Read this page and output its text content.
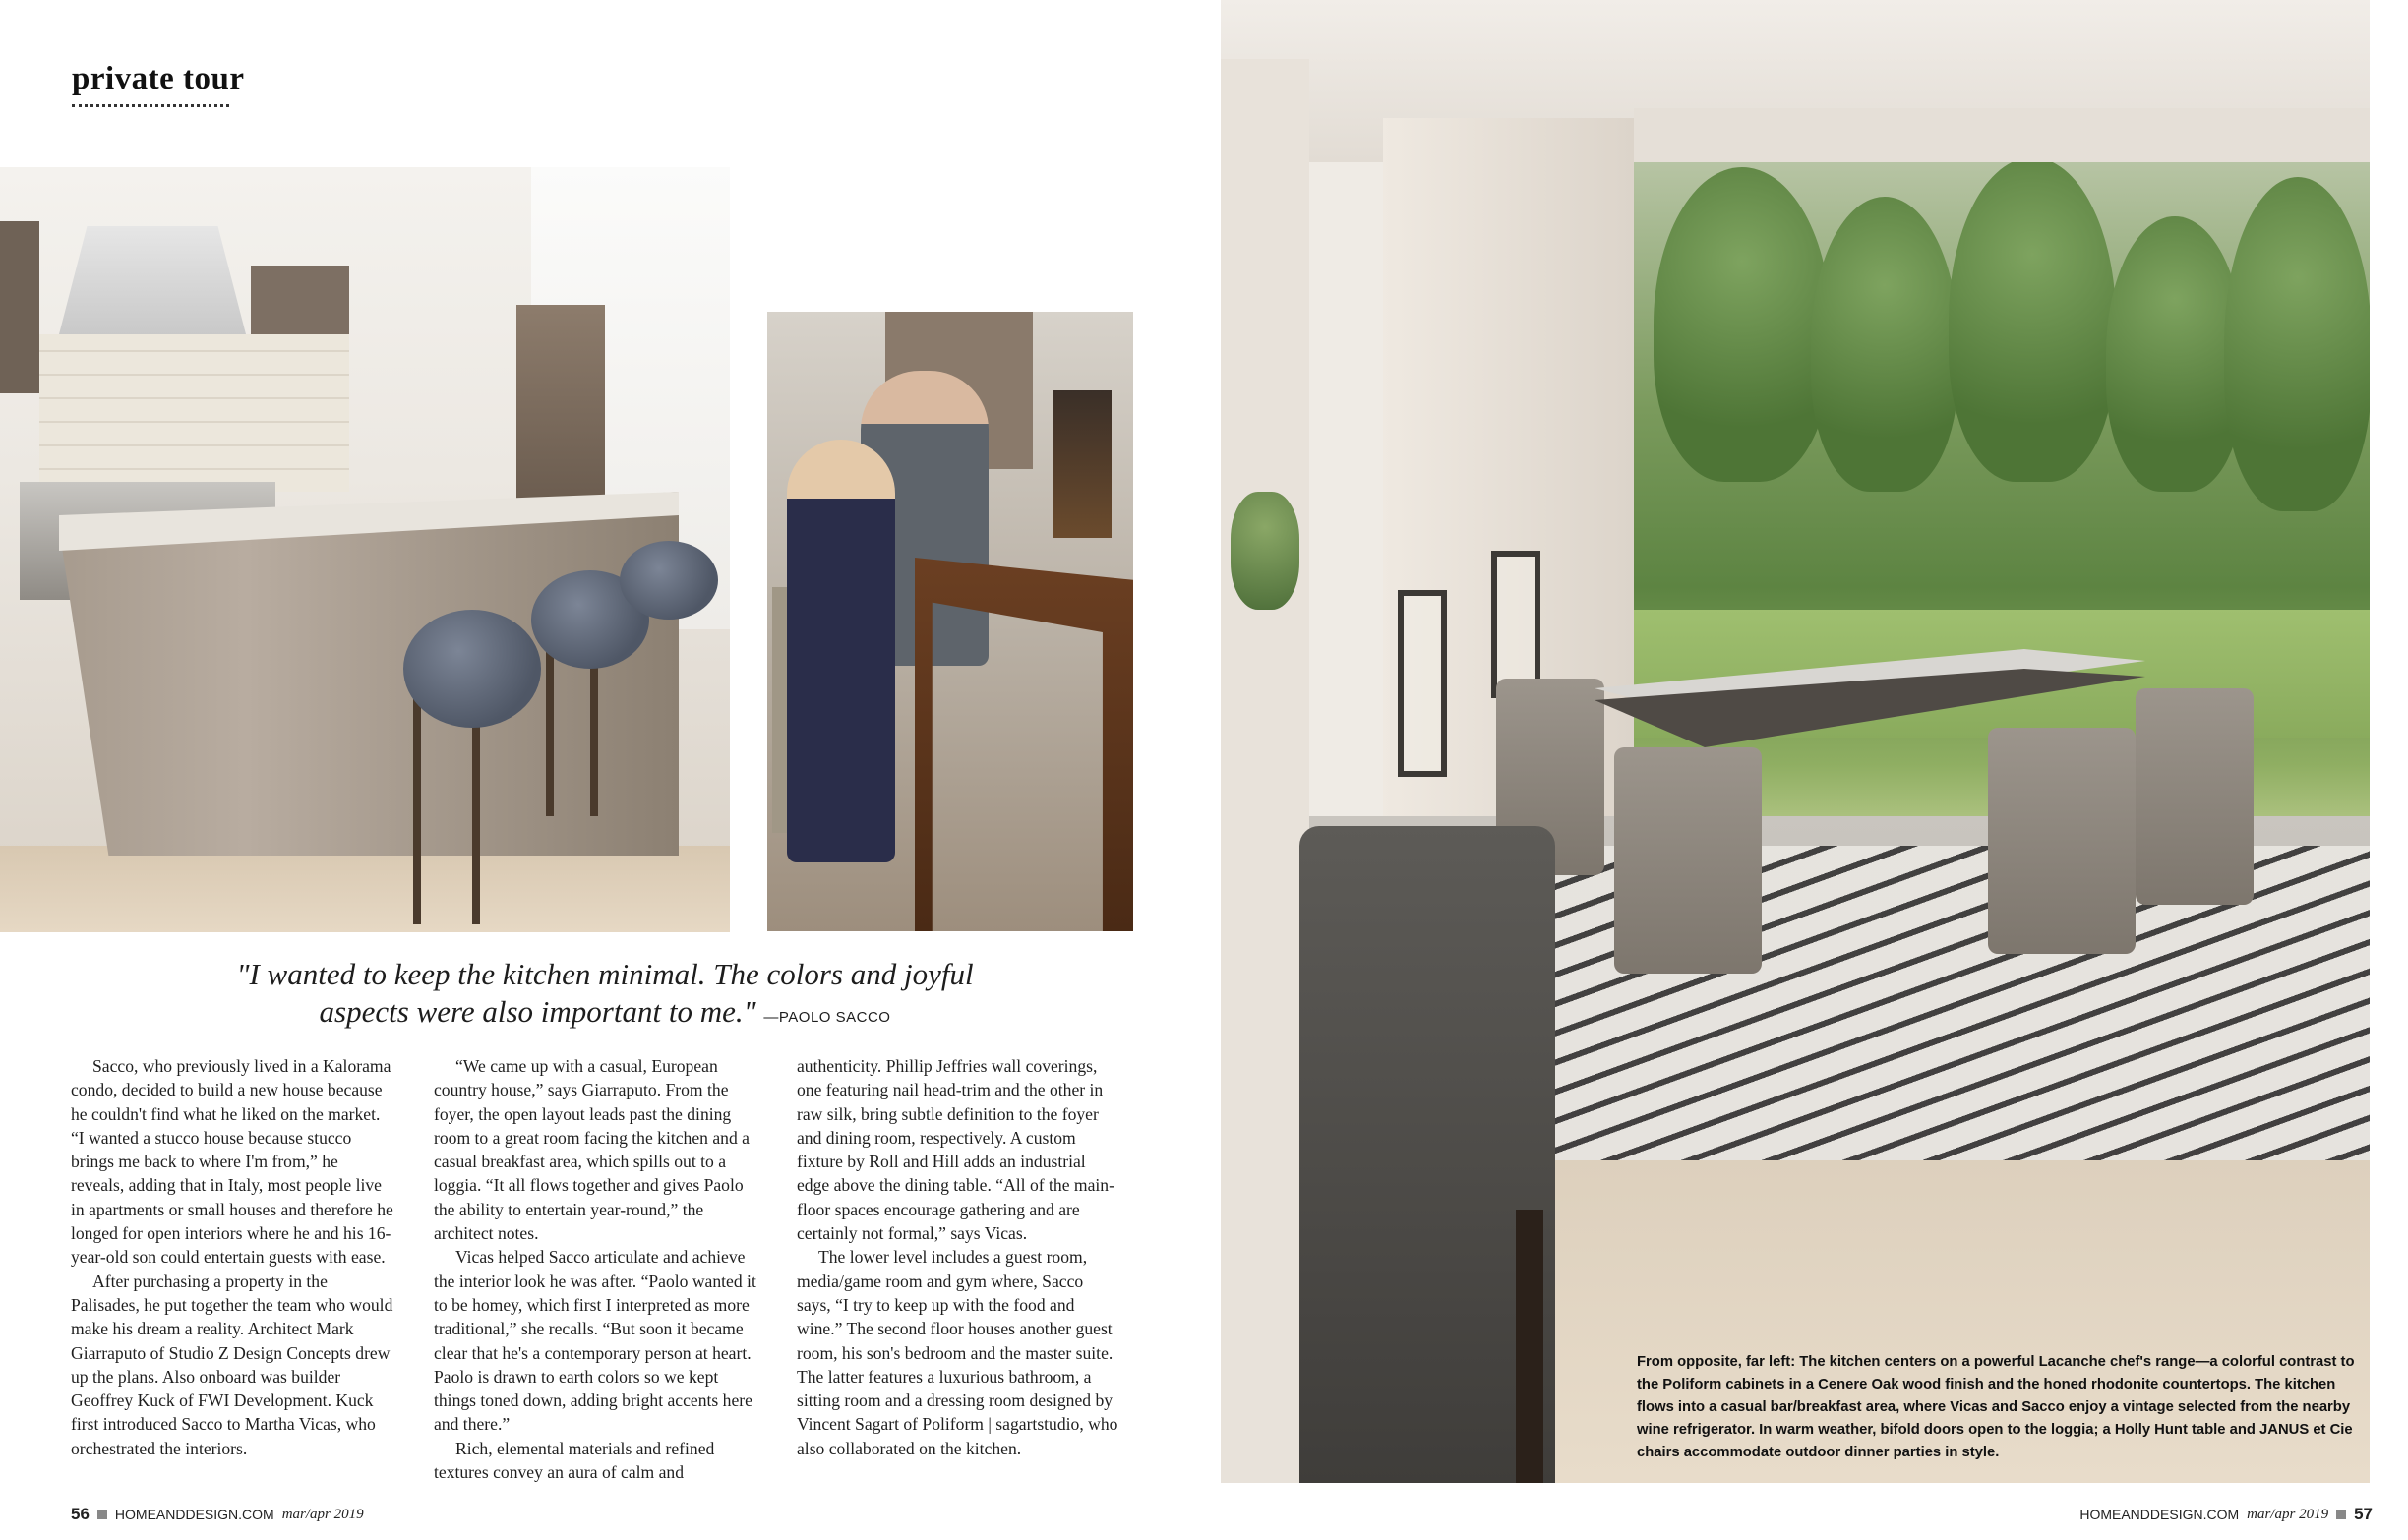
private tour
"I wanted to keep the kitchen minimal. The colors and joyful aspects were also important to me." —PAOLO SACCO

Sacco, who previously lived in a Kalorama condo, decided to build a new house because he couldn't find what he liked on the market. “I wanted a stucco house because stucco brings me back to where I'm from,” he reveals, adding that in Italy, most people live in apartments or small houses and therefore he longed for open interiors where he and his 16-year-old son could entertain guests with ease.

After purchasing a property in the Palisades, he put together the team who would make his dream a reality. Architect Mark Giarraputo of Studio Z Design Concepts drew up the plans. Also onboard was builder Geoffrey Kuck of FWI Development. Kuck first introduced Sacco to Martha Vicas, who orchestrated the interiors.

“We came up with a casual, European country house,” says Giarraputo. From the foyer, the open layout leads past the dining room to a great room facing the kitchen and a casual breakfast area, which spills out to a loggia. “It all flows together and gives Paolo the ability to entertain year-round,” the architect notes.

Vicas helped Sacco articulate and achieve the interior look he was after. “Paolo wanted it to be homey, which first I interpreted as more traditional,” she recalls. “But soon it became clear that he's a contemporary person at heart. Paolo is drawn to earth colors so we kept things toned down, adding bright accents here and there.”

Rich, elemental materials and refined textures convey an aura of calm and

authenticity. Phillip Jeffries wall coverings, one featuring nail head-trim and the other in raw silk, bring subtle definition to the foyer and dining room, respectively. A custom fixture by Roll and Hill adds an industrial edge above the dining table. “All of the main-floor spaces encourage gathering and are certainly not formal,” says Vicas.

The lower level includes a guest room, media/game room and gym where, Sacco says, “I try to keep up with the food and wine.” The second floor houses another guest room, his son's bedroom and the master suite. The latter features a luxurious bathroom, a sitting room and a dressing room designed by Vincent Sagart of Poliform | sagartstudio, who also collaborated on the kitchen.

56 HOMEANDDESIGN.COM mar/apr 2019
From opposite, far left: The kitchen centers on a powerful Lacanche chef's range—a colorful contrast to the Poliform cabinets in a Cenere Oak wood finish and the honed rhodonite countertops. The kitchen flows into a casual bar/breakfast area, where Vicas and Sacco enjoy a vintage selected from the nearby wine refrigerator. In warm weather, bifold doors open to the loggia; a Holly Hunt table and JANUS et Cie chairs accommodate outdoor dinner parties in style.
HOMEANDDESIGN.COM mar/apr 2019 57
